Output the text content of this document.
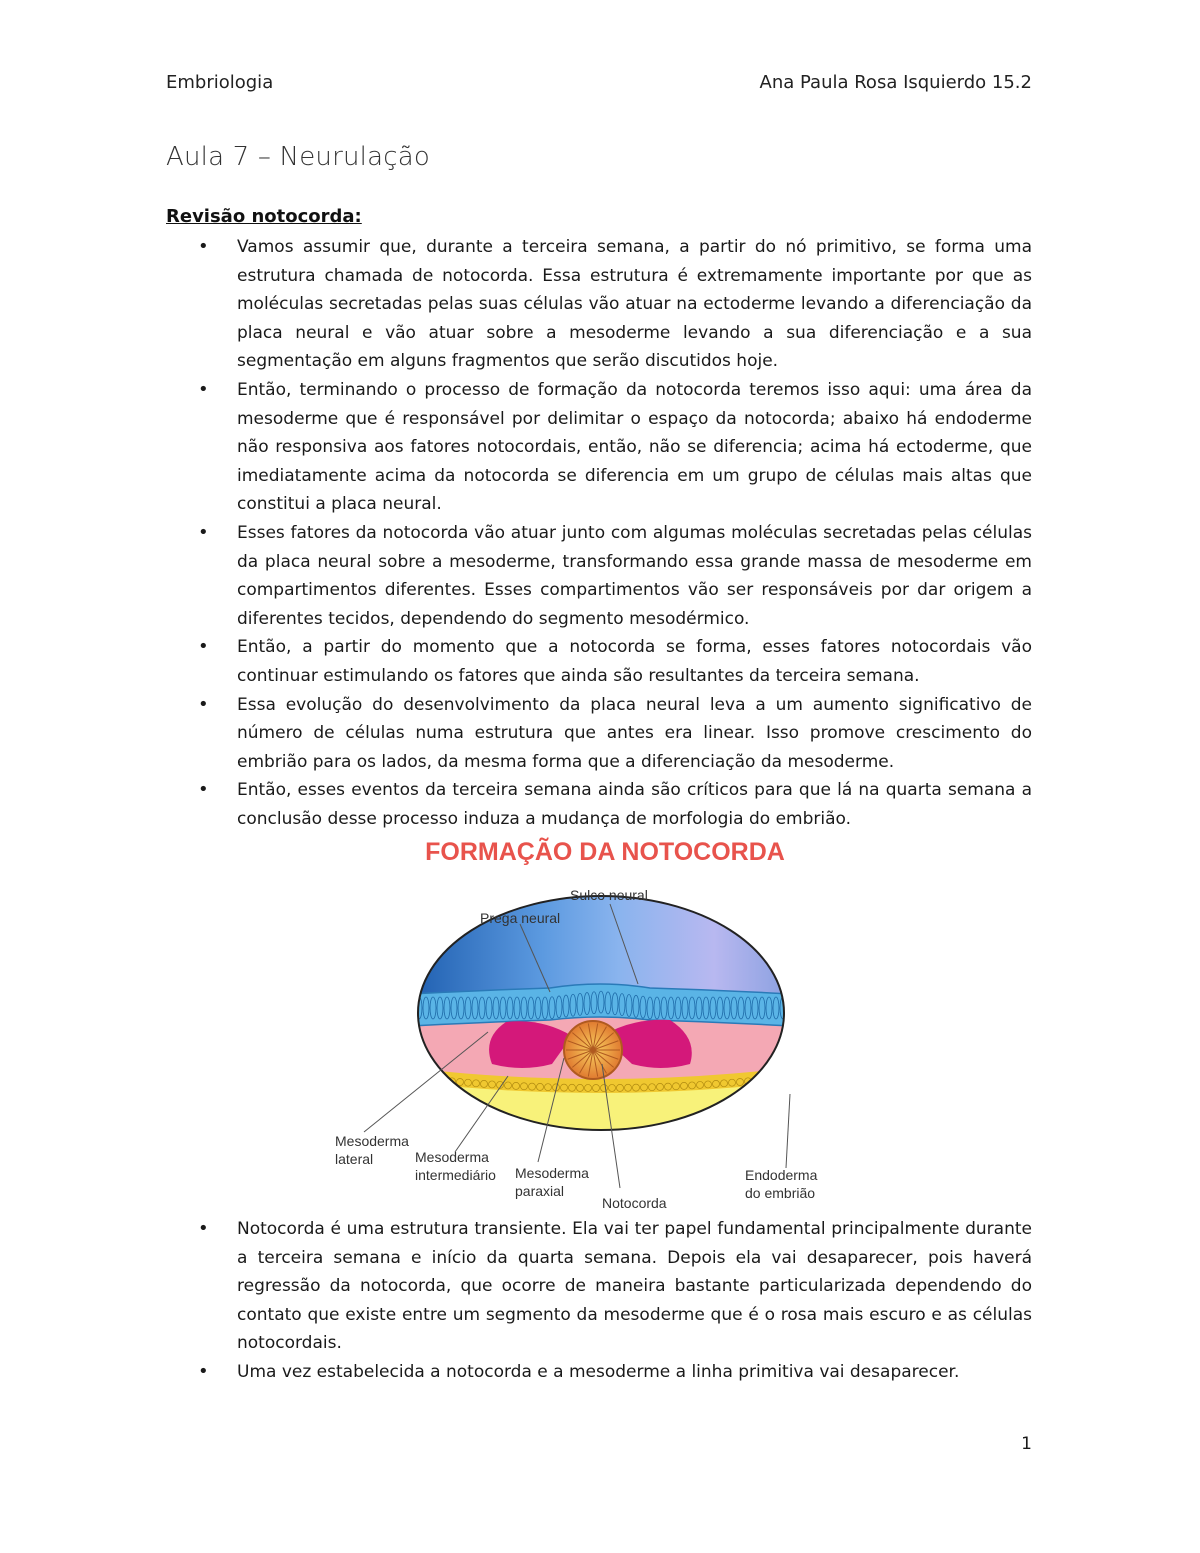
Embriologia	Ana Paula Rosa Isquierdo 15.2
Aula 7 – Neurulação
Revisão notocorda:
• Vamos assumir que, durante a terceira semana, a partir do nó primitivo, se forma uma estrutura chamada de notocorda. Essa estrutura é extremamente importante por que as moléculas secretadas pelas suas células vão atuar na ectoderme levando a diferenciação da placa neural e vão atuar sobre a mesoderme levando a sua diferenciação e a sua segmentação em alguns fragmentos que serão discutidos hoje.
• Então, terminando o processo de formação da notocorda teremos isso aqui: uma área da mesoderme que é responsável por delimitar o espaço da notocorda; abaixo há endoderme não responsiva aos fatores notocordais, então, não se diferencia; acima há ectoderme, que imediatamente acima da notocorda se diferencia em um grupo de células mais altas que constitui a placa neural.
• Esses fatores da notocorda vão atuar junto com algumas moléculas secretadas pelas células da placa neural sobre a mesoderme, transformando essa grande massa de mesoderme em compartimentos diferentes. Esses compartimentos vão ser responsáveis por dar origem a diferentes tecidos, dependendo do segmento mesodérmico.
• Então, a partir do momento que a notocorda se forma, esses fatores notocordais vão continuar estimulando os fatores que ainda são resultantes da terceira semana.
• Essa evolução do desenvolvimento da placa neural leva a um aumento significativo de número de células numa estrutura que antes era linear. Isso promove crescimento do embrião para os lados, da mesma forma que a diferenciação da mesoderme.
• Então, esses eventos da terceira semana ainda são críticos para que lá na quarta semana a conclusão desse processo induza a mudança de morfologia do embrião.
FORMAÇÃO DA NOTOCORDA
Sulco neural
Prega neural
Mesoderma
lateral	Mesoderma
intermediário Mesoderma
paraxial
Notocorda
Endoderma
do embrião
• Notocorda é uma estrutura transiente. Ela vai ter papel fundamental principalmente durante a terceira semana e início da quarta semana. Depois ela vai desaparecer, pois haverá regressão da notocorda, que ocorre de maneira bastante particularizada dependendo do contato que existe entre um segmento da mesoderme que é o rosa mais escuro e as células notocordais.
• Uma vez estabelecida a notocorda e a mesoderme a linha primitiva vai desaparecer.
1
